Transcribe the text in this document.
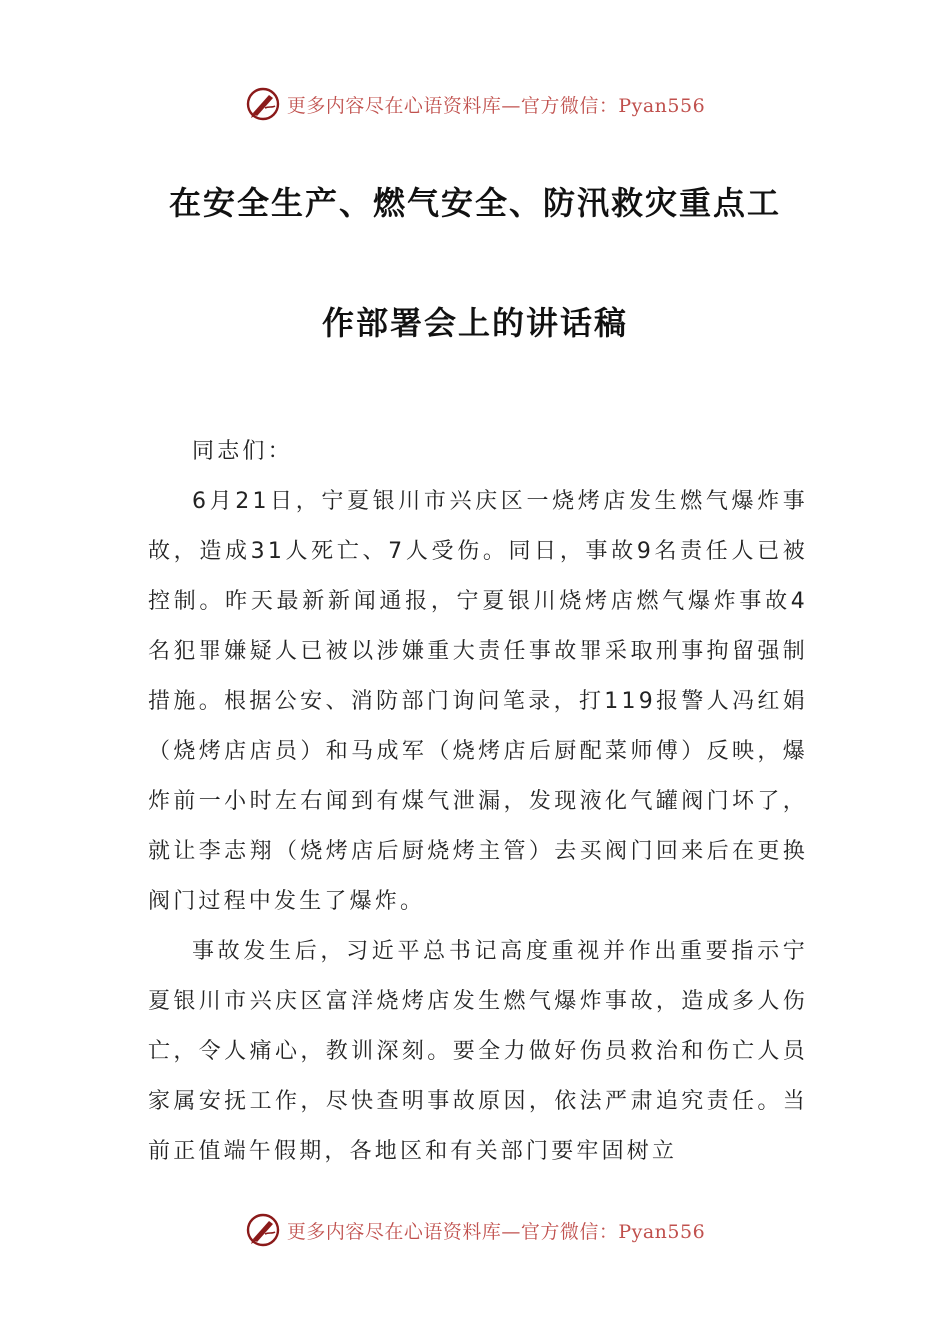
更多内容尽在心语资料库—官方微信：Pyan556
在安全生产、燃气安全、防汛救灾重点工
作部署会上的讲话稿

同志们：

6月21日，宁夏银川市兴庆区一烧烤店发生燃气爆炸事故，造成31人死亡、7人受伤。同日，事故9名责任人已被控制。昨天最新新闻通报，宁夏银川烧烤店燃气爆炸事故4名犯罪嫌疑人已被以涉嫌重大责任事故罪采取刑事拘留强制措施。根据公安、消防部门询问笔录，打119报警人冯红娟（烧烤店店员）和马成军（烧烤店后厨配菜师傅）反映，爆炸前一小时左右闻到有煤气泄漏，发现液化气罐阀门坏了，就让李志翔（烧烤店后厨烧烤主管）去买阀门回来后在更换阀门过程中发生了爆炸。

事故发生后，习近平总书记高度重视并作出重要指示宁夏银川市兴庆区富洋烧烤店发生燃气爆炸事故，造成多人伤亡，令人痛心，教训深刻。要全力做好伤员救治和伤亡人员家属安抚工作，尽快查明事故原因，依法严肃追究责任。当前正值端午假期，各地区和有关部门要牢固树立

更多内容尽在心语资料库—官方微信：Pyan556
